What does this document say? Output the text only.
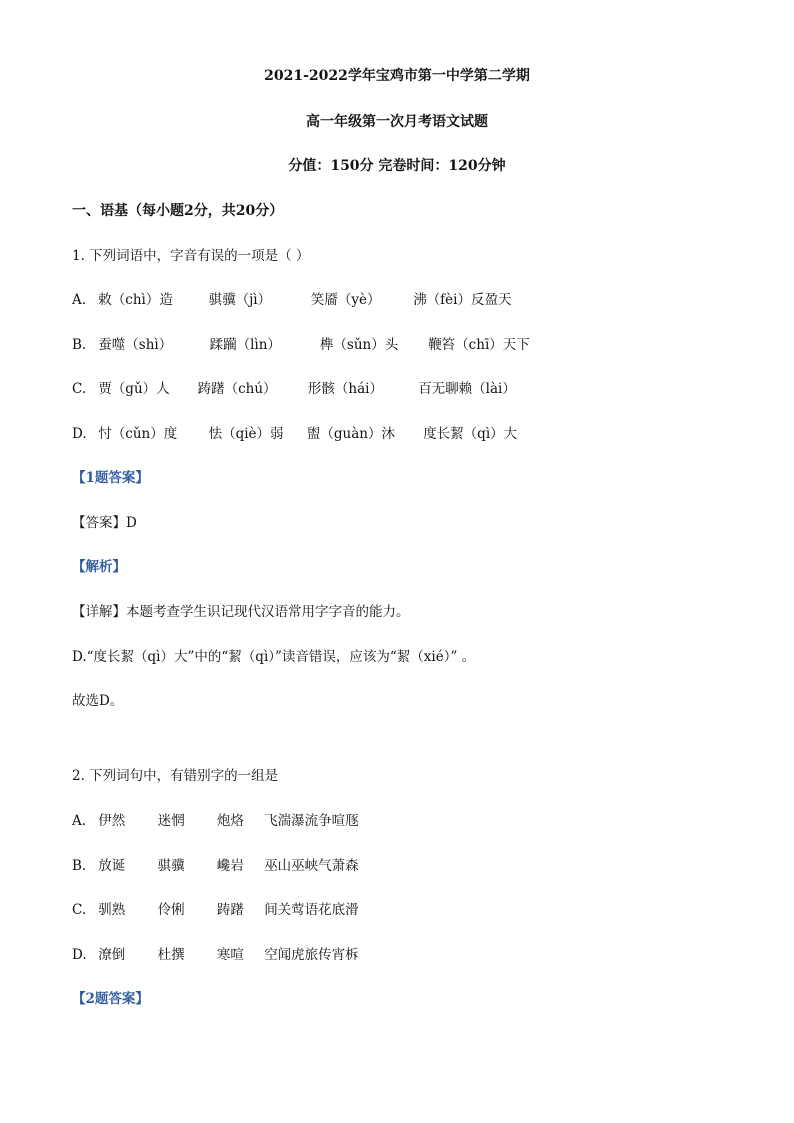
2021-2022学年宝鸡市第一中学第二学期
高一年级第一次月考语文试题
分值：150分 完卷时间：120分钟
一、语基（每小题2分，共20分）
1. 下列词语中，字音有误的一项是（ ）
A. 敕（chì）造	骐骥（jì）	笑靥（yè） 沸（fèi）反盈天
B. 蚕噬（shì）	蹂躏（lìn）	榫（sǔn）头 鞭笞（chī）天下
C. 贾（gǔ）人 踌躇（chú） 形骸（hái）	百无聊赖（lài）
D. 忖（cǔn）度 怯（qiè）弱 盥（guàn）沐 度长絜（qì）大
【1题答案】
【答案】D
【解析】
【详解】本题考查学生识记现代汉语常用字字音的能力。
D.“度长絜（qì）大”中的“絜（qì）”读音错误，应该为“絜（xié）” 。
故选D。
2. 下列词句中，有错别字的一组是
A. 伊然 迷惘 炮烙 飞湍瀑流争喧豗
B. 放诞 骐骥 巉岩 巫山巫峡气萧森
C. 驯熟 伶俐 踌躇 间关莺语花底滑
D. 潦倒 杜撰 寒喧 空闻虎旅传宵柝
【2题答案】
